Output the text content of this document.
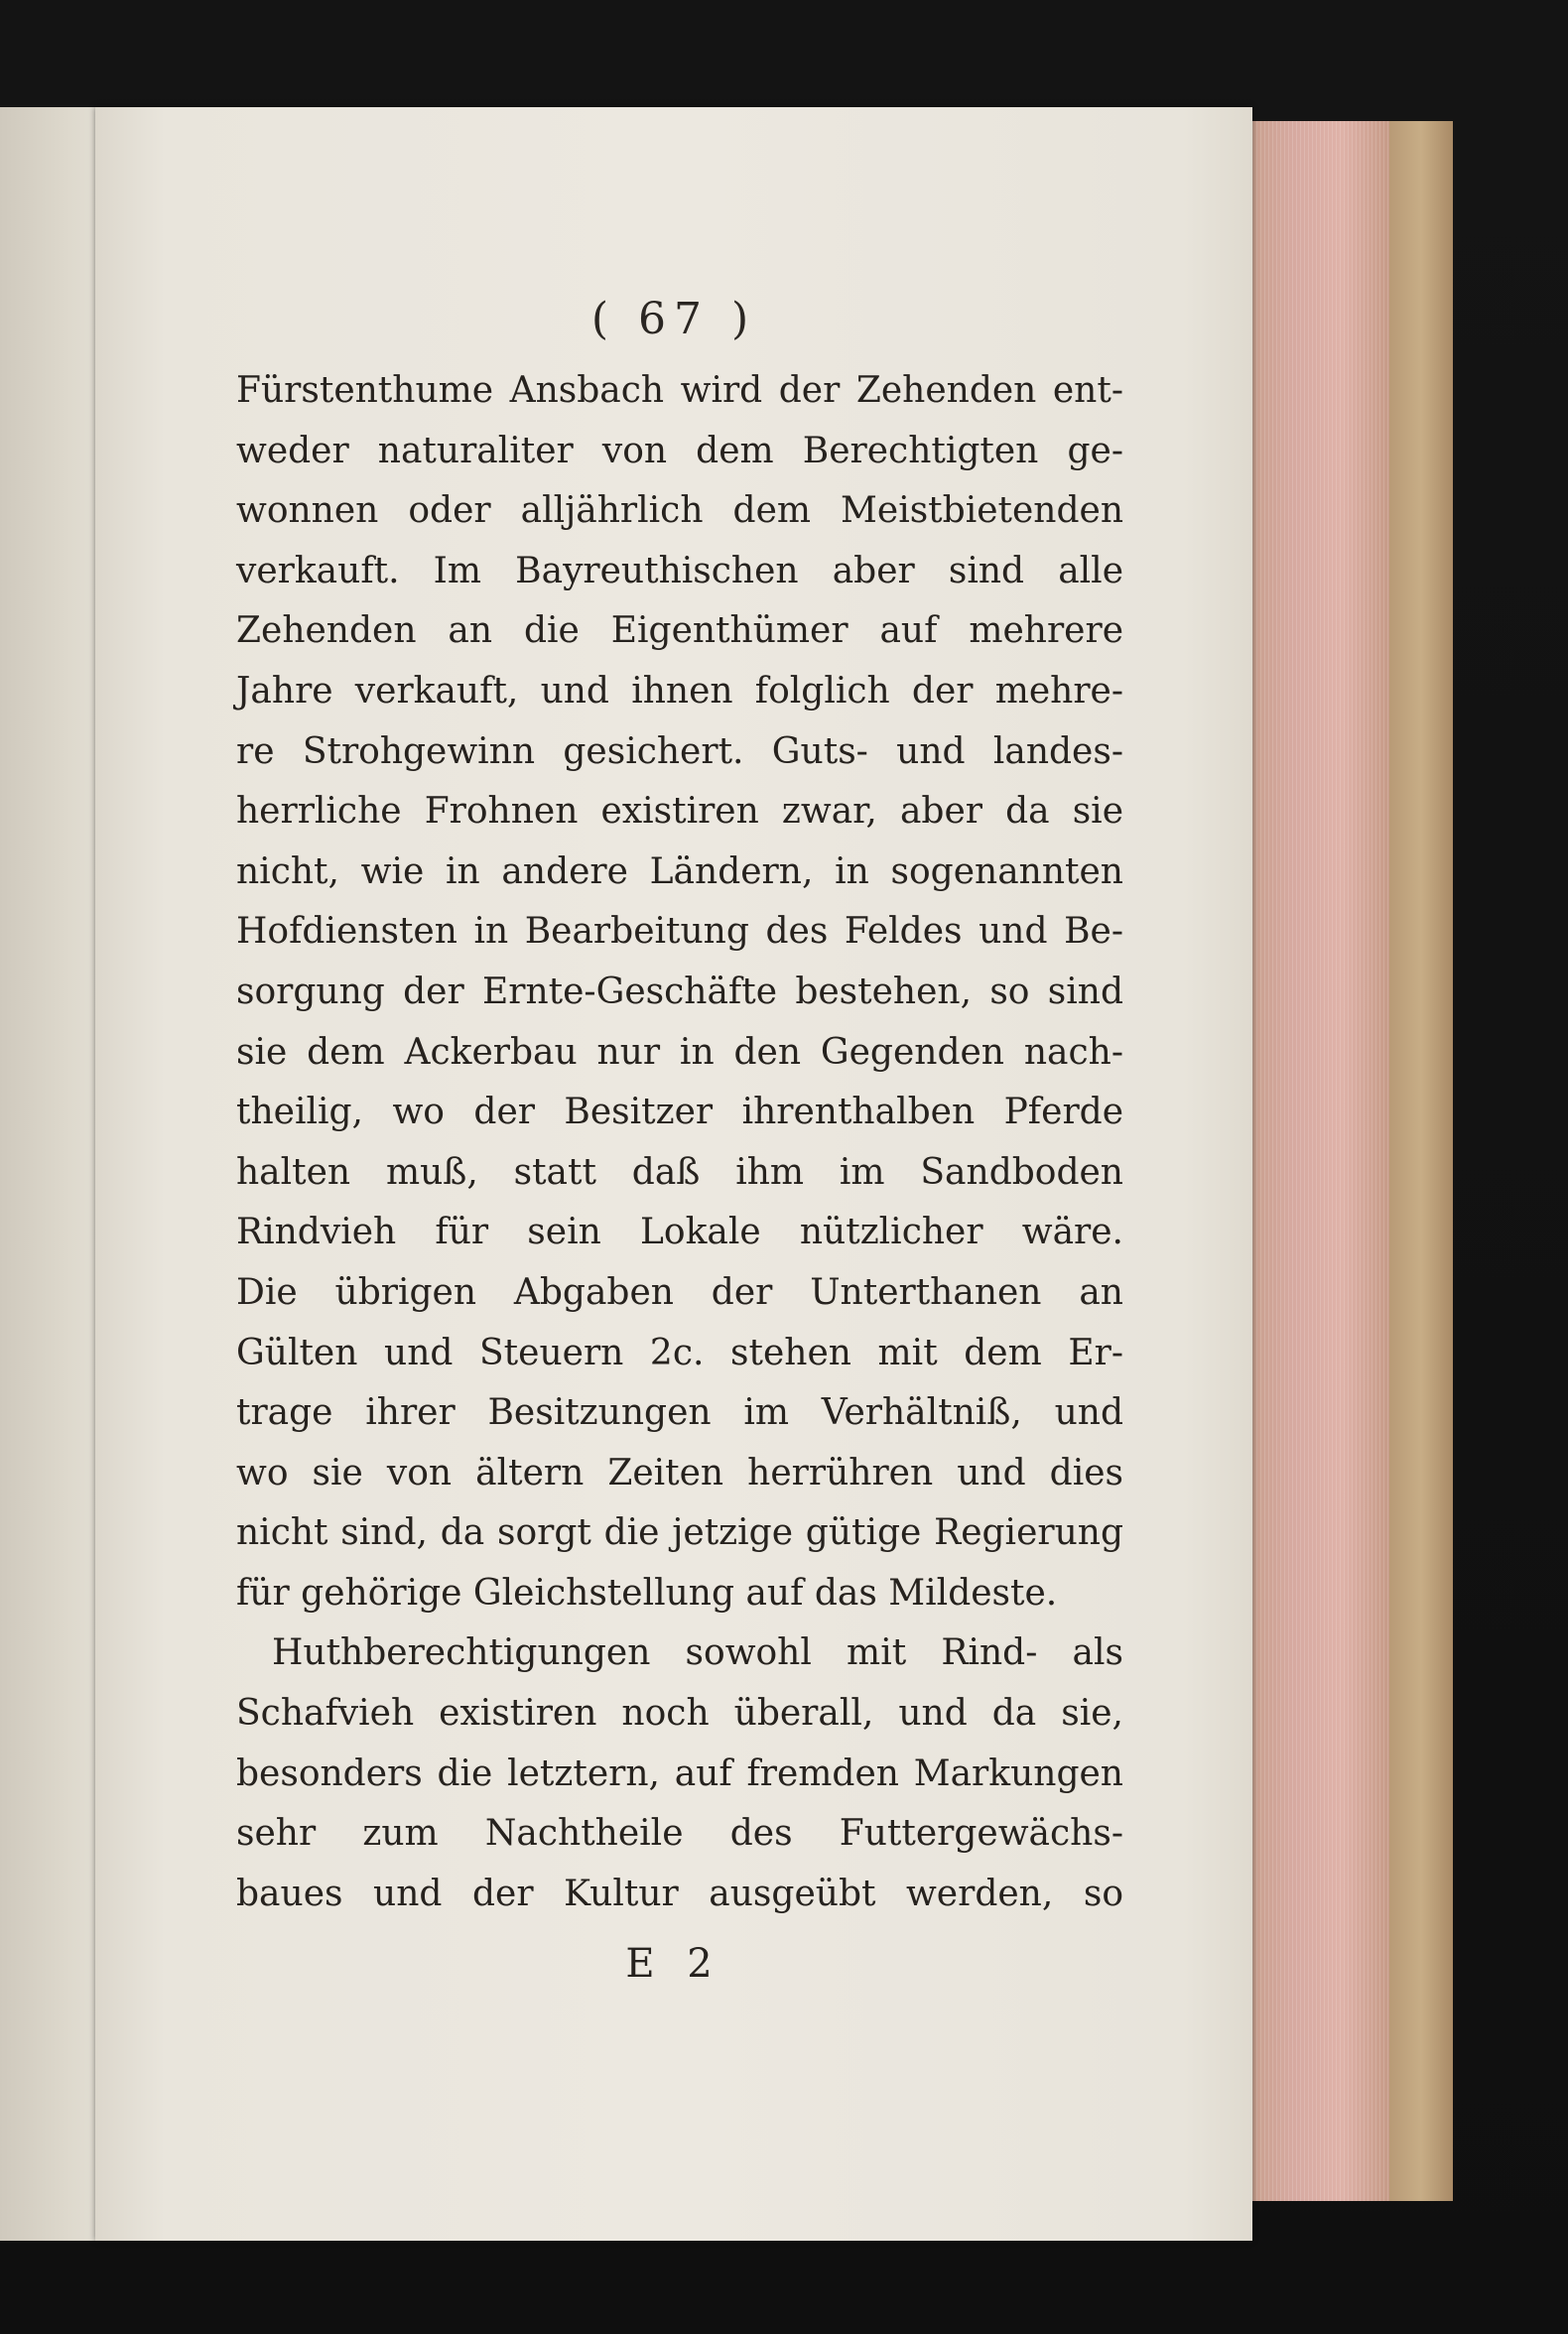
( 67 )
Fürstenthume Ansbach wird der Zehenden ent-
weder naturaliter von dem Berechtigten ge-
wonnen oder alljährlich dem Meistbietenden
verkauft. Im Bayreuthischen aber sind alle
Zehenden an die Eigenthümer auf mehrere
Jahre verkauft, und ihnen folglich der mehre-
re Strohgewinn gesichert. Guts- und landes-
herrliche Frohnen existiren zwar, aber da sie
nicht, wie in andere Ländern, in sogenannten
Hofdiensten in Bearbeitung des Feldes und Be-
sorgung der Ernte-Geschäfte bestehen, so sind
sie dem Ackerbau nur in den Gegenden nach-
theilig, wo der Besitzer ihrenthalben Pferde
halten muß, statt daß ihm im Sandboden
Rindvieh für sein Lokale nützlicher wäre.
Die übrigen Abgaben der Unterthanen an
Gülten und Steuern 2c. stehen mit dem Er-
trage ihrer Besitzungen im Verhältniß, und
wo sie von ältern Zeiten herrühren und dies
nicht sind, da sorgt die jetzige gütige Regierung
für gehörige Gleichstellung auf das Mildeste.
Huthberechtigungen sowohl mit Rind- als
Schafvieh existiren noch überall, und da sie,
besonders die letztern, auf fremden Markungen
sehr zum Nachtheile des Futtergewächs-
baues und der Kultur ausgeübt werden, so
E 2
